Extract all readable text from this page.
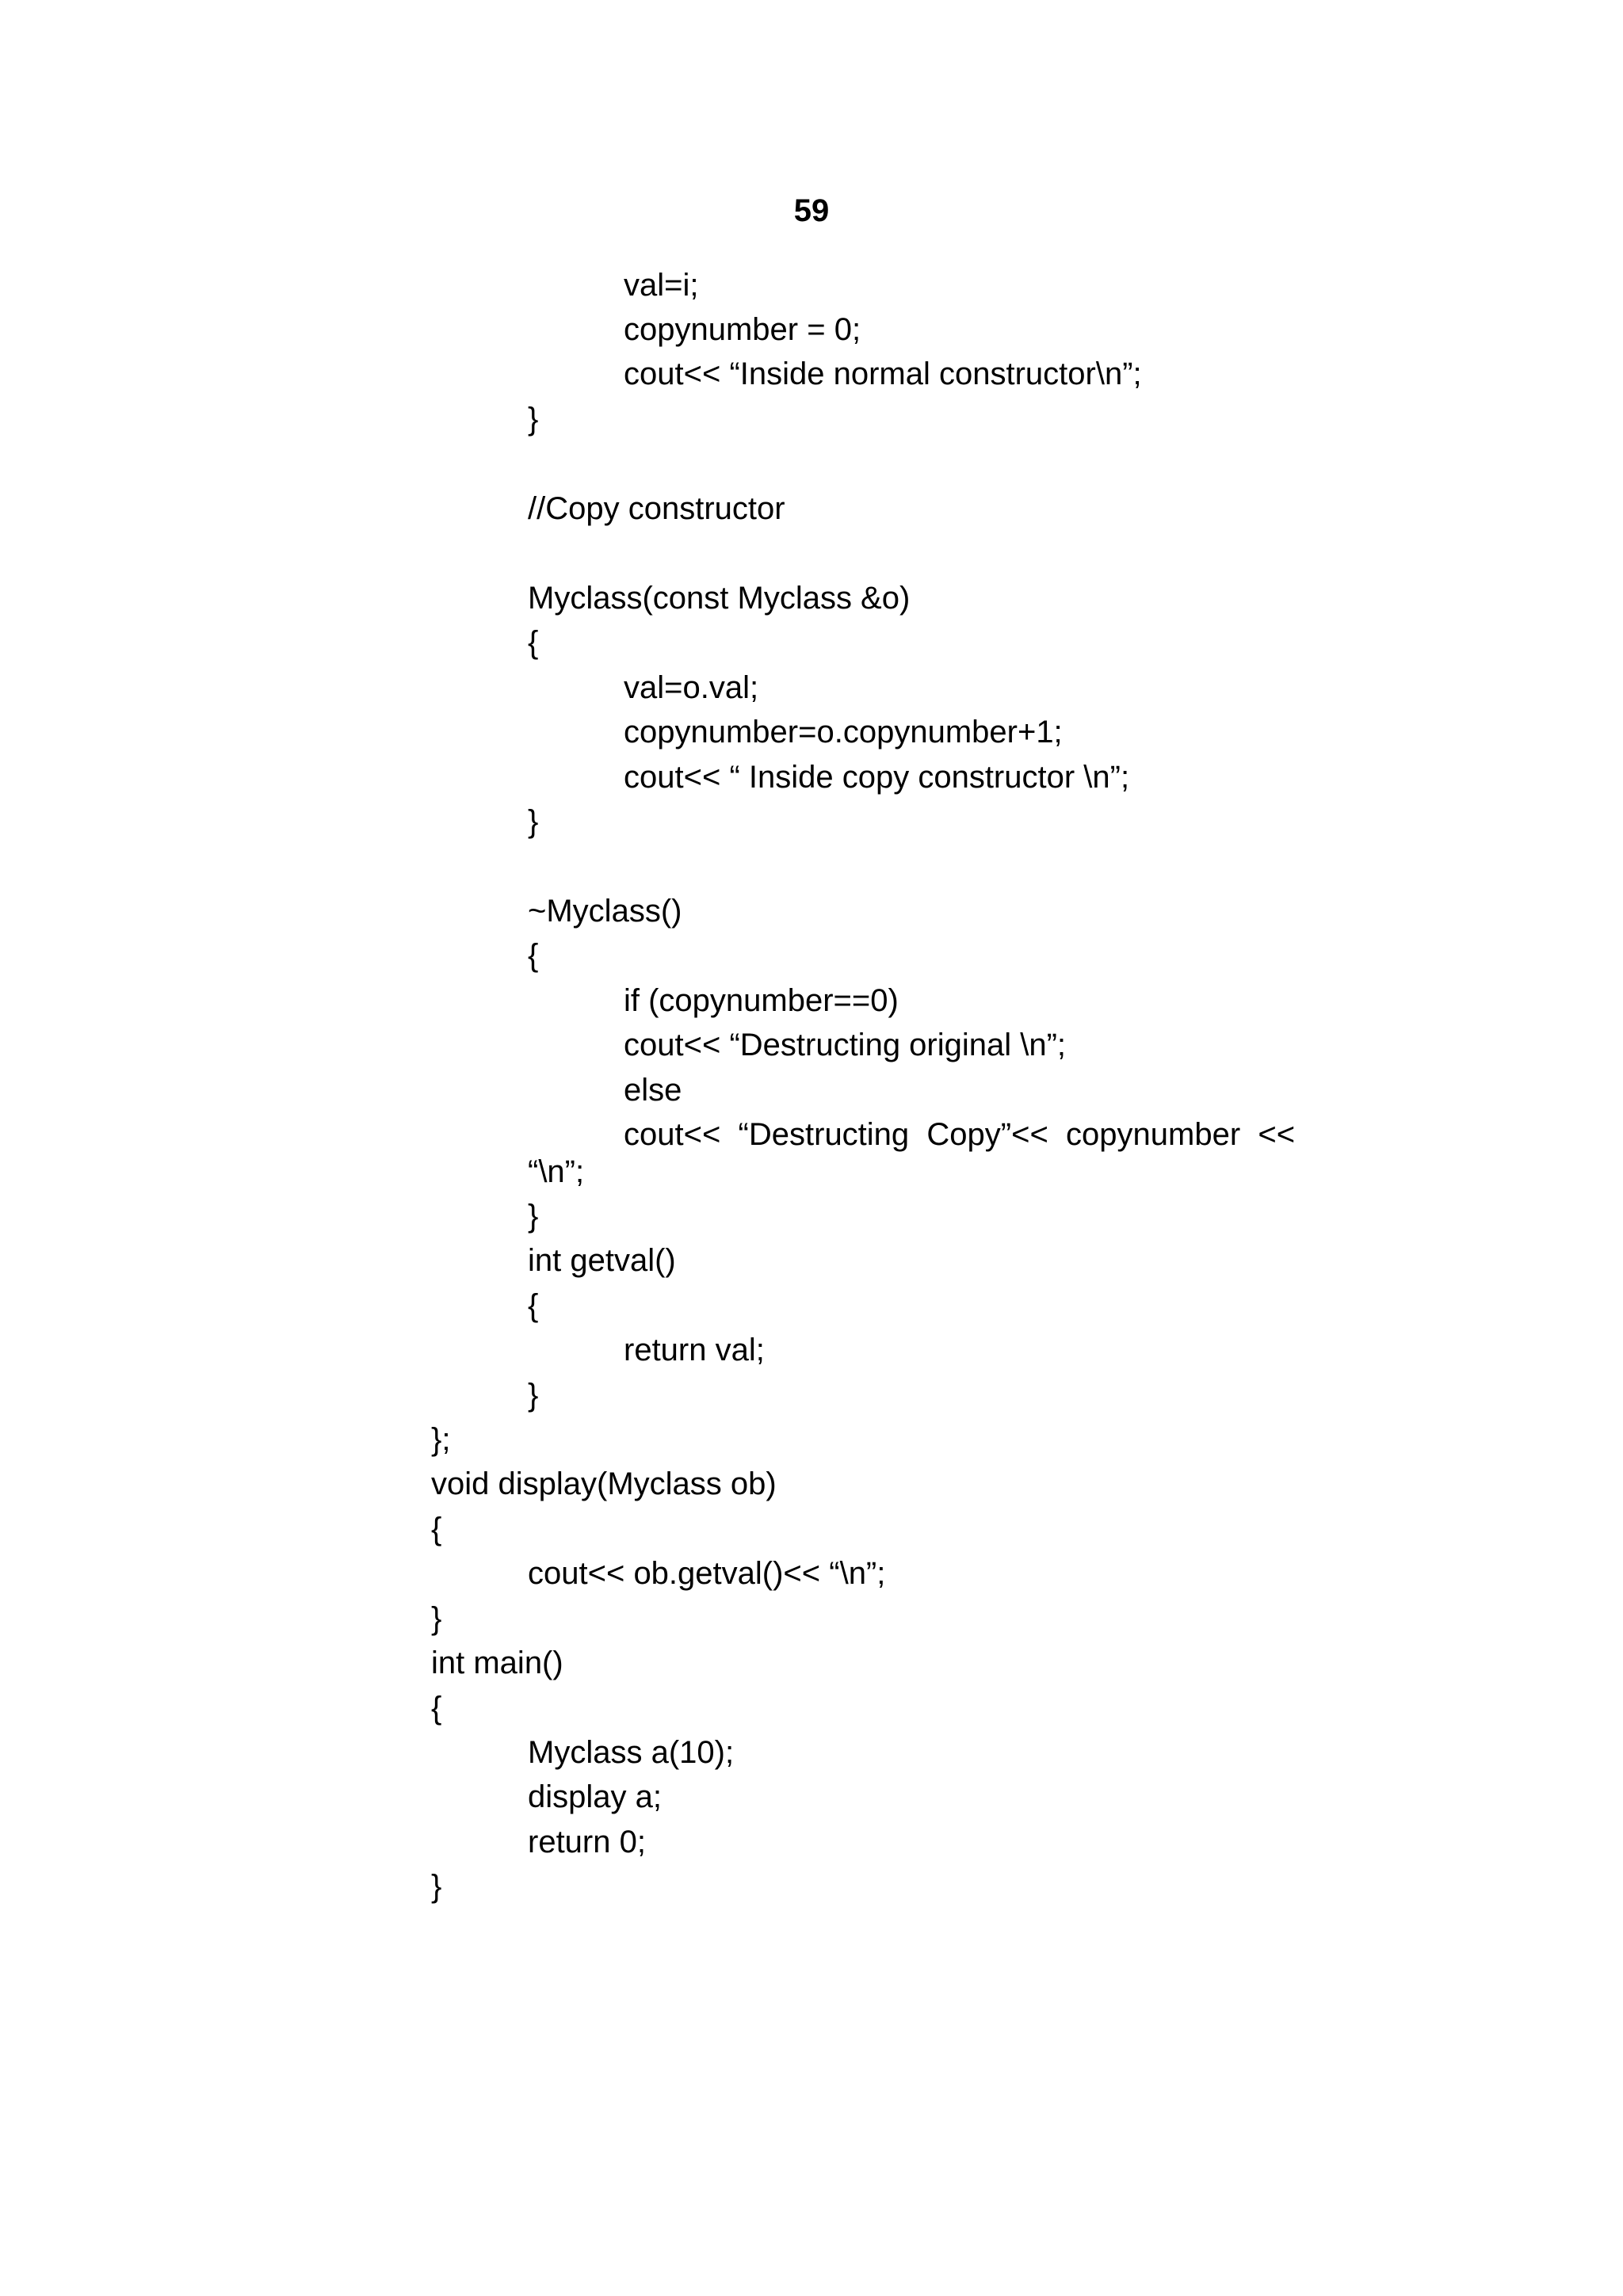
59
val=i;
copynumber = 0;
cout<< “Inside normal constructor\n”;
}
//Copy constructor
Myclass(const Myclass &o)
{
val=o.val;
copynumber=o.copynumber+1;
cout<< “ Inside copy constructor \n”;
}
~Myclass()
{
if (copynumber==0)
cout<< “Destructing original \n”;
else
cout<<  “Destructing  Copy”<<  copynumber  <<
“\n”;
}
int getval()
{
return val;
}
};
void display(Myclass ob)
{
cout<< ob.getval()<< “\n”;
}
int main()
{
Myclass a(10);
display a;
return 0;
}
